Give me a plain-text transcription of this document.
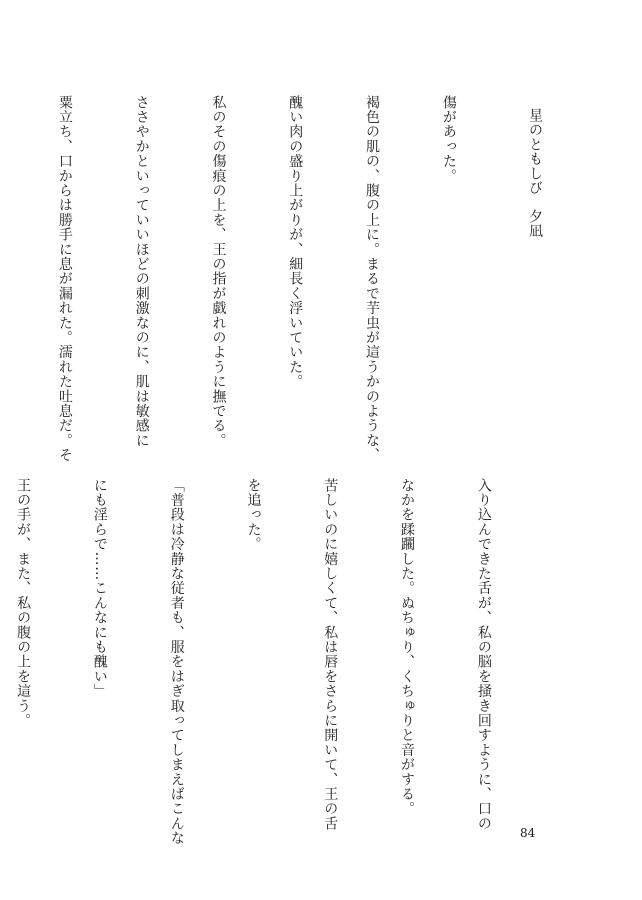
星のともしび夕凪

傷があった。

褐色の肌の、腹の上に。まるで芋虫が這うかのような、

醜い肉の盛り上がりが、細長く浮いていた。

私のその傷痕の上を、王の指が戯れのように撫でる。

ささやかといっていいほどの刺激なのに、肌は敏感に

粟立ち、口からは勝手に息が漏れた。濡れた吐息だ。そ

入り込んできた舌が、私の脳を掻き回すように、口の

なかを蹂躙した。ぬちゅり、くちゅりと音がする。

苦しいのに嬉しくて、私は唇をさらに開いて、王の舌

を追った。

「普段は冷静な従者も、服をはぎ取ってしまえばこんな

にも淫らで……こんなにも醜い」

王の手が、また、私の腹の上を這う。

84
